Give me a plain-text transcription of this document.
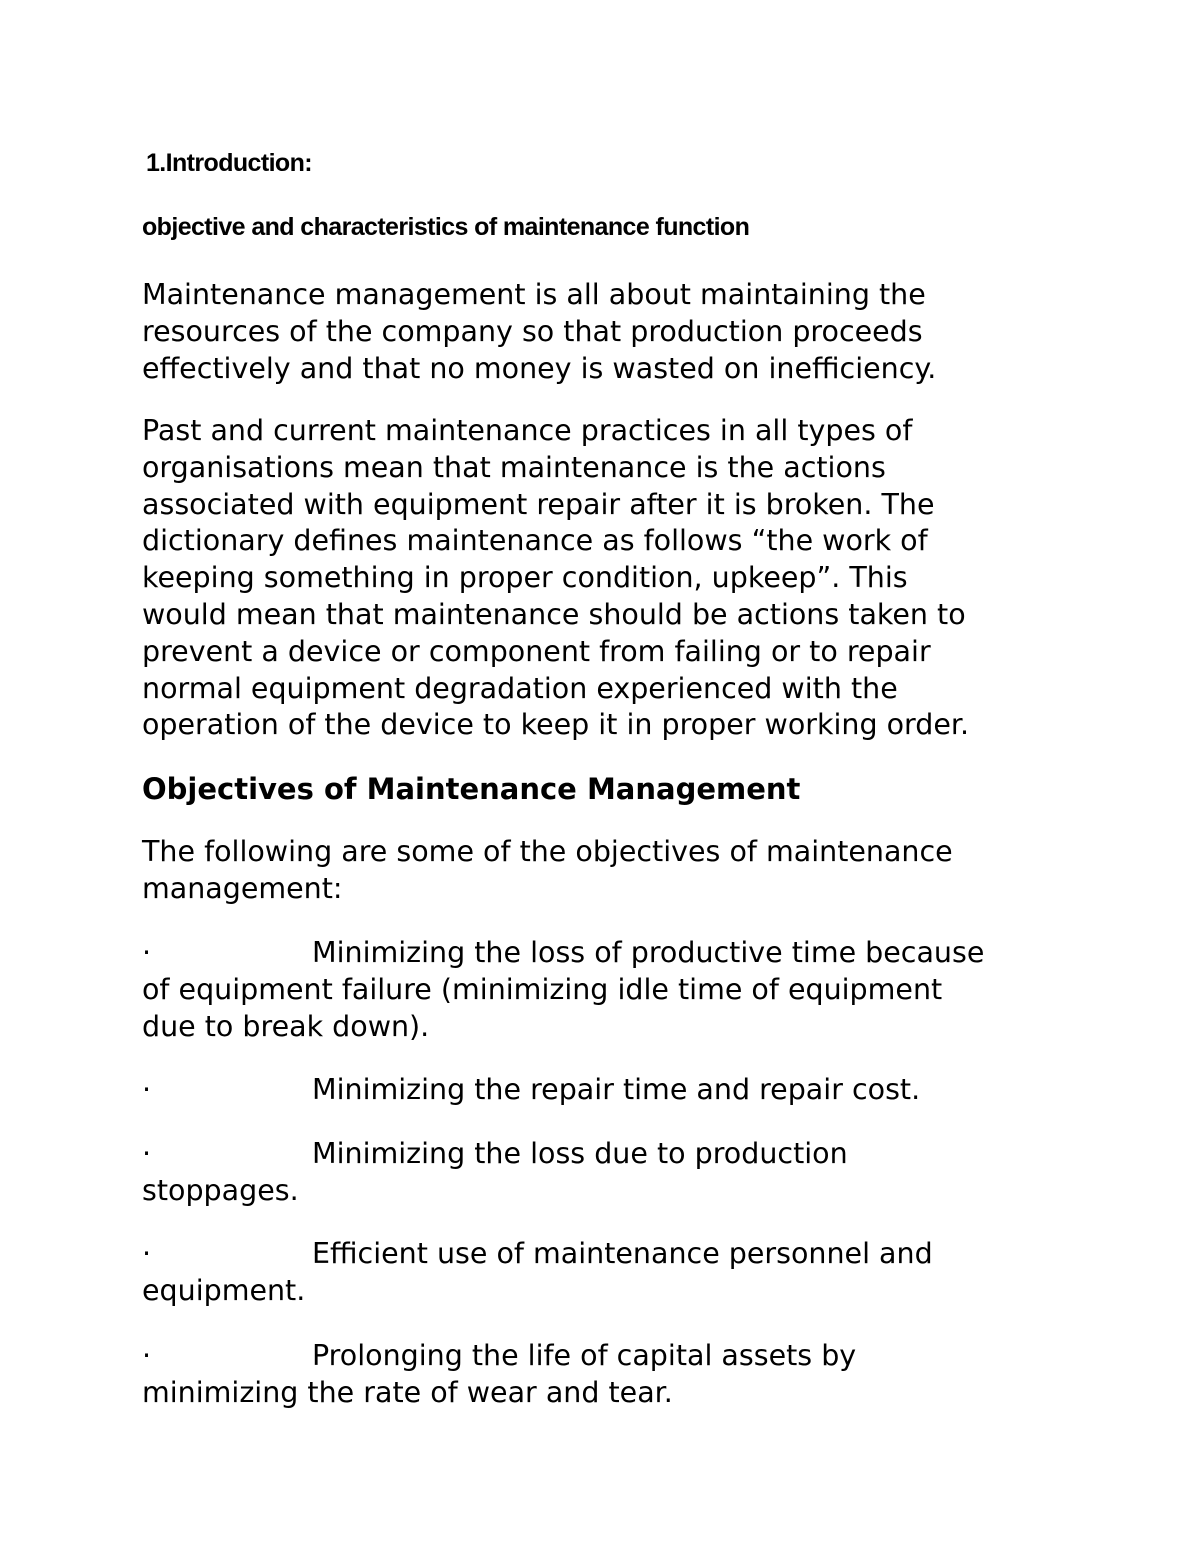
1.Introduction:
objective and characteristics of maintenance function

Maintenance management is all about maintaining the
resources of the company so that production proceeds
effectively and that no money is wasted on inefficiency.

Past and current maintenance practices in all types of
organisations mean that maintenance is the actions
associated with equipment repair after it is broken. The
dictionary defines maintenance as follows “the work of
keeping something in proper condition, upkeep”. This
would mean that maintenance should be actions taken to
prevent a device or component from failing or to repair
normal equipment degradation experienced with the
operation of the device to keep it in proper working order.

Objectives of Maintenance Management

The following are some of the objectives of maintenance
management:

·	Minimizing the loss of productive time because
of equipment failure (minimizing idle time of equipment
due to break down).
·	Minimizing the repair time and repair cost.
·	Minimizing the loss due to production
stoppages.
·	Efficient use of maintenance personnel and
equipment.
·	Prolonging the life of capital assets by
minimizing the rate of wear and tear.
